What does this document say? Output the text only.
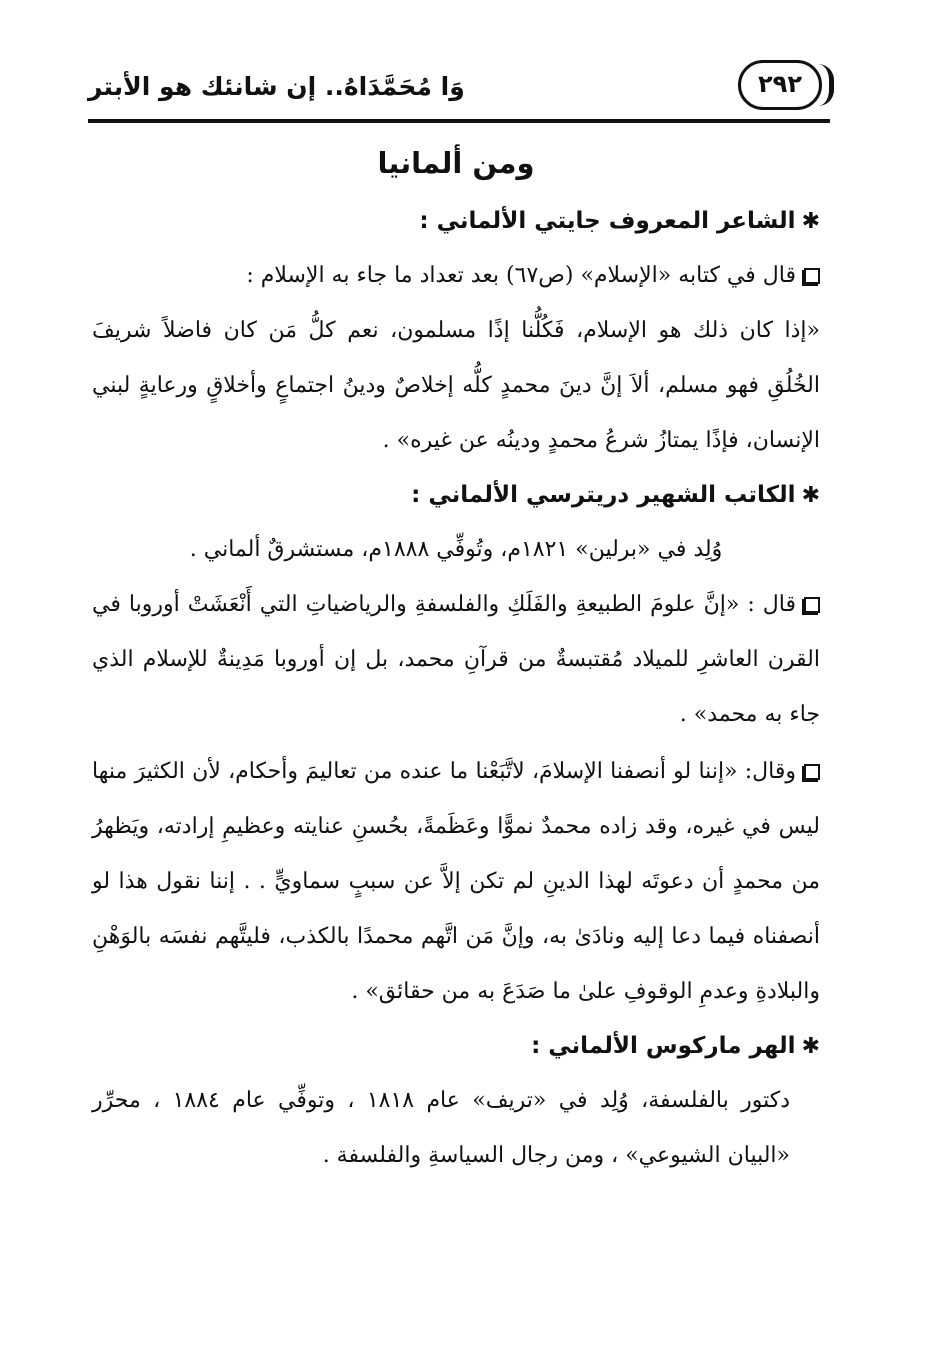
وَا مُحَمَّدَاهُ.. إن شانئك هو الأبتر	٢٩٢
ومن ألمانيا
✱الشاعر المعروف جايتي الألماني :

قال في كتابه «الإسلام» (ص٦٧) بعد تعداد ما جاء به الإسلام :

«إذا كان ذلك هو الإسلام، فَكُلُّنا إذًا مسلمون، نعم كلُّ مَن كان فاضلاً شريفَ الخُلُقِ فهو مسلم، ألاَ إنَّ دينَ محمدٍ كلُّه إخلاصٌ ودينُ اجتماعٍ وأخلاقٍ ورعايةٍ لبني الإنسان، فإذًا يمتازُ شرعُ محمدٍ ودينُه عن غيره» .

✱الكاتب الشهير دريترسي الألماني :
وُلِد في «برلين» ١٨٢١م، وتُوفِّي ١٨٨٨م، مستشرقٌ ألماني .

قال : «إنَّ علومَ الطبيعةِ والفَلَكِ والفلسفةِ والرياضياتِ التي أَنْعَشَتْ أوروبا في القرن العاشرِ للميلاد مُقتبسةٌ من قرآنِ محمد، بل إن أوروبا مَدِينةٌ للإسلام الذي جاء به محمد» .

وقال: «إننا لو أنصفنا الإسلامَ، لاتَّبَعْنا ما عنده من تعاليمَ وأحكام، لأن الكثيرَ منها ليس في غيره، وقد زاده محمدٌ نموًّا وعَظَمةً، بحُسنِ عنايته وعظيمِ إرادته، ويَظهرُ من محمدٍ أن دعوتَه لهذا الدينِ لم تكن إلاَّ عن سببٍ سماويٍّ . . إننا نقول هذا لو أنصفناه فيما دعا إليه ونادَىٰ به، وإنَّ مَن اتَّهم محمدًا بالكذب، فليتَّهم نفسَه بالوَهْنِ والبلادةِ وعدمِ الوقوفِ علىٰ ما صَدَعَ به من حقائق» .

✱الهر ماركوس الألماني :

دكتور بالفلسفة، وُلِد في «تريف» عام ١٨١٨ ، وتوفِّي عام ١٨٨٤ ، محرِّر «البيان الشيوعي» ، ومن رجال السياسةِ والفلسفة .
